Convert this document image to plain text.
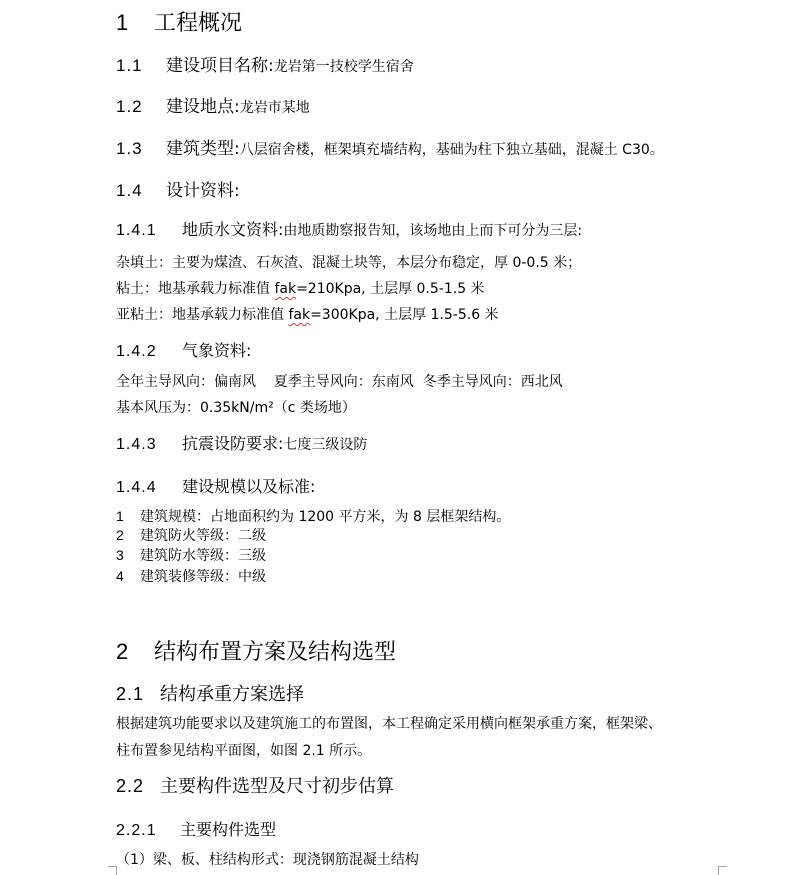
1 工程概况
1.1 建设项目名称:龙岩第一技校学生宿舍
1.2 建设地点:龙岩市某地
1.3 建筑类型:八层宿舍楼，框架填充墙结构，基础为柱下独立基础，混凝土 C30。
1.4 设计资料:
1.4.1 地质水文资料:由地质勘察报告知，该场地由上而下可分为三层:
杂填土：主要为煤渣、石灰渣、混凝土块等，本层分布稳定，厚 0-0.5 米；
粘土：地基承载力标准值 fak=210Kpa, 土层厚 0.5-1.5 米
亚粘土：地基承载力标准值 fak=300Kpa, 土层厚 1.5-5.6 米
1.4.2 气象资料:
全年主导风向：偏南风    夏季主导风向：东南风  冬季主导风向：西北风
基本风压为：0.35kN/m²（c 类场地）
1.4.3 抗震设防要求:七度三级设防
1.4.4 建设规模以及标准:
1 建筑规模：占地面积约为 1200 平方米，为 8 层框架结构。
2 建筑防火等级：二级
3 建筑防水等级：三级
4 建筑装修等级：中级
2 结构布置方案及结构选型
2.1 结构承重方案选择
根据建筑功能要求以及建筑施工的布置图，本工程确定采用横向框架承重方案，框架梁、
柱布置参见结构平面图，如图 2.1 所示。
2.2 主要构件选型及尺寸初步估算
2.2.1 主要构件选型
（1）梁、板、柱结构形式：现浇钢筋混凝土结构
